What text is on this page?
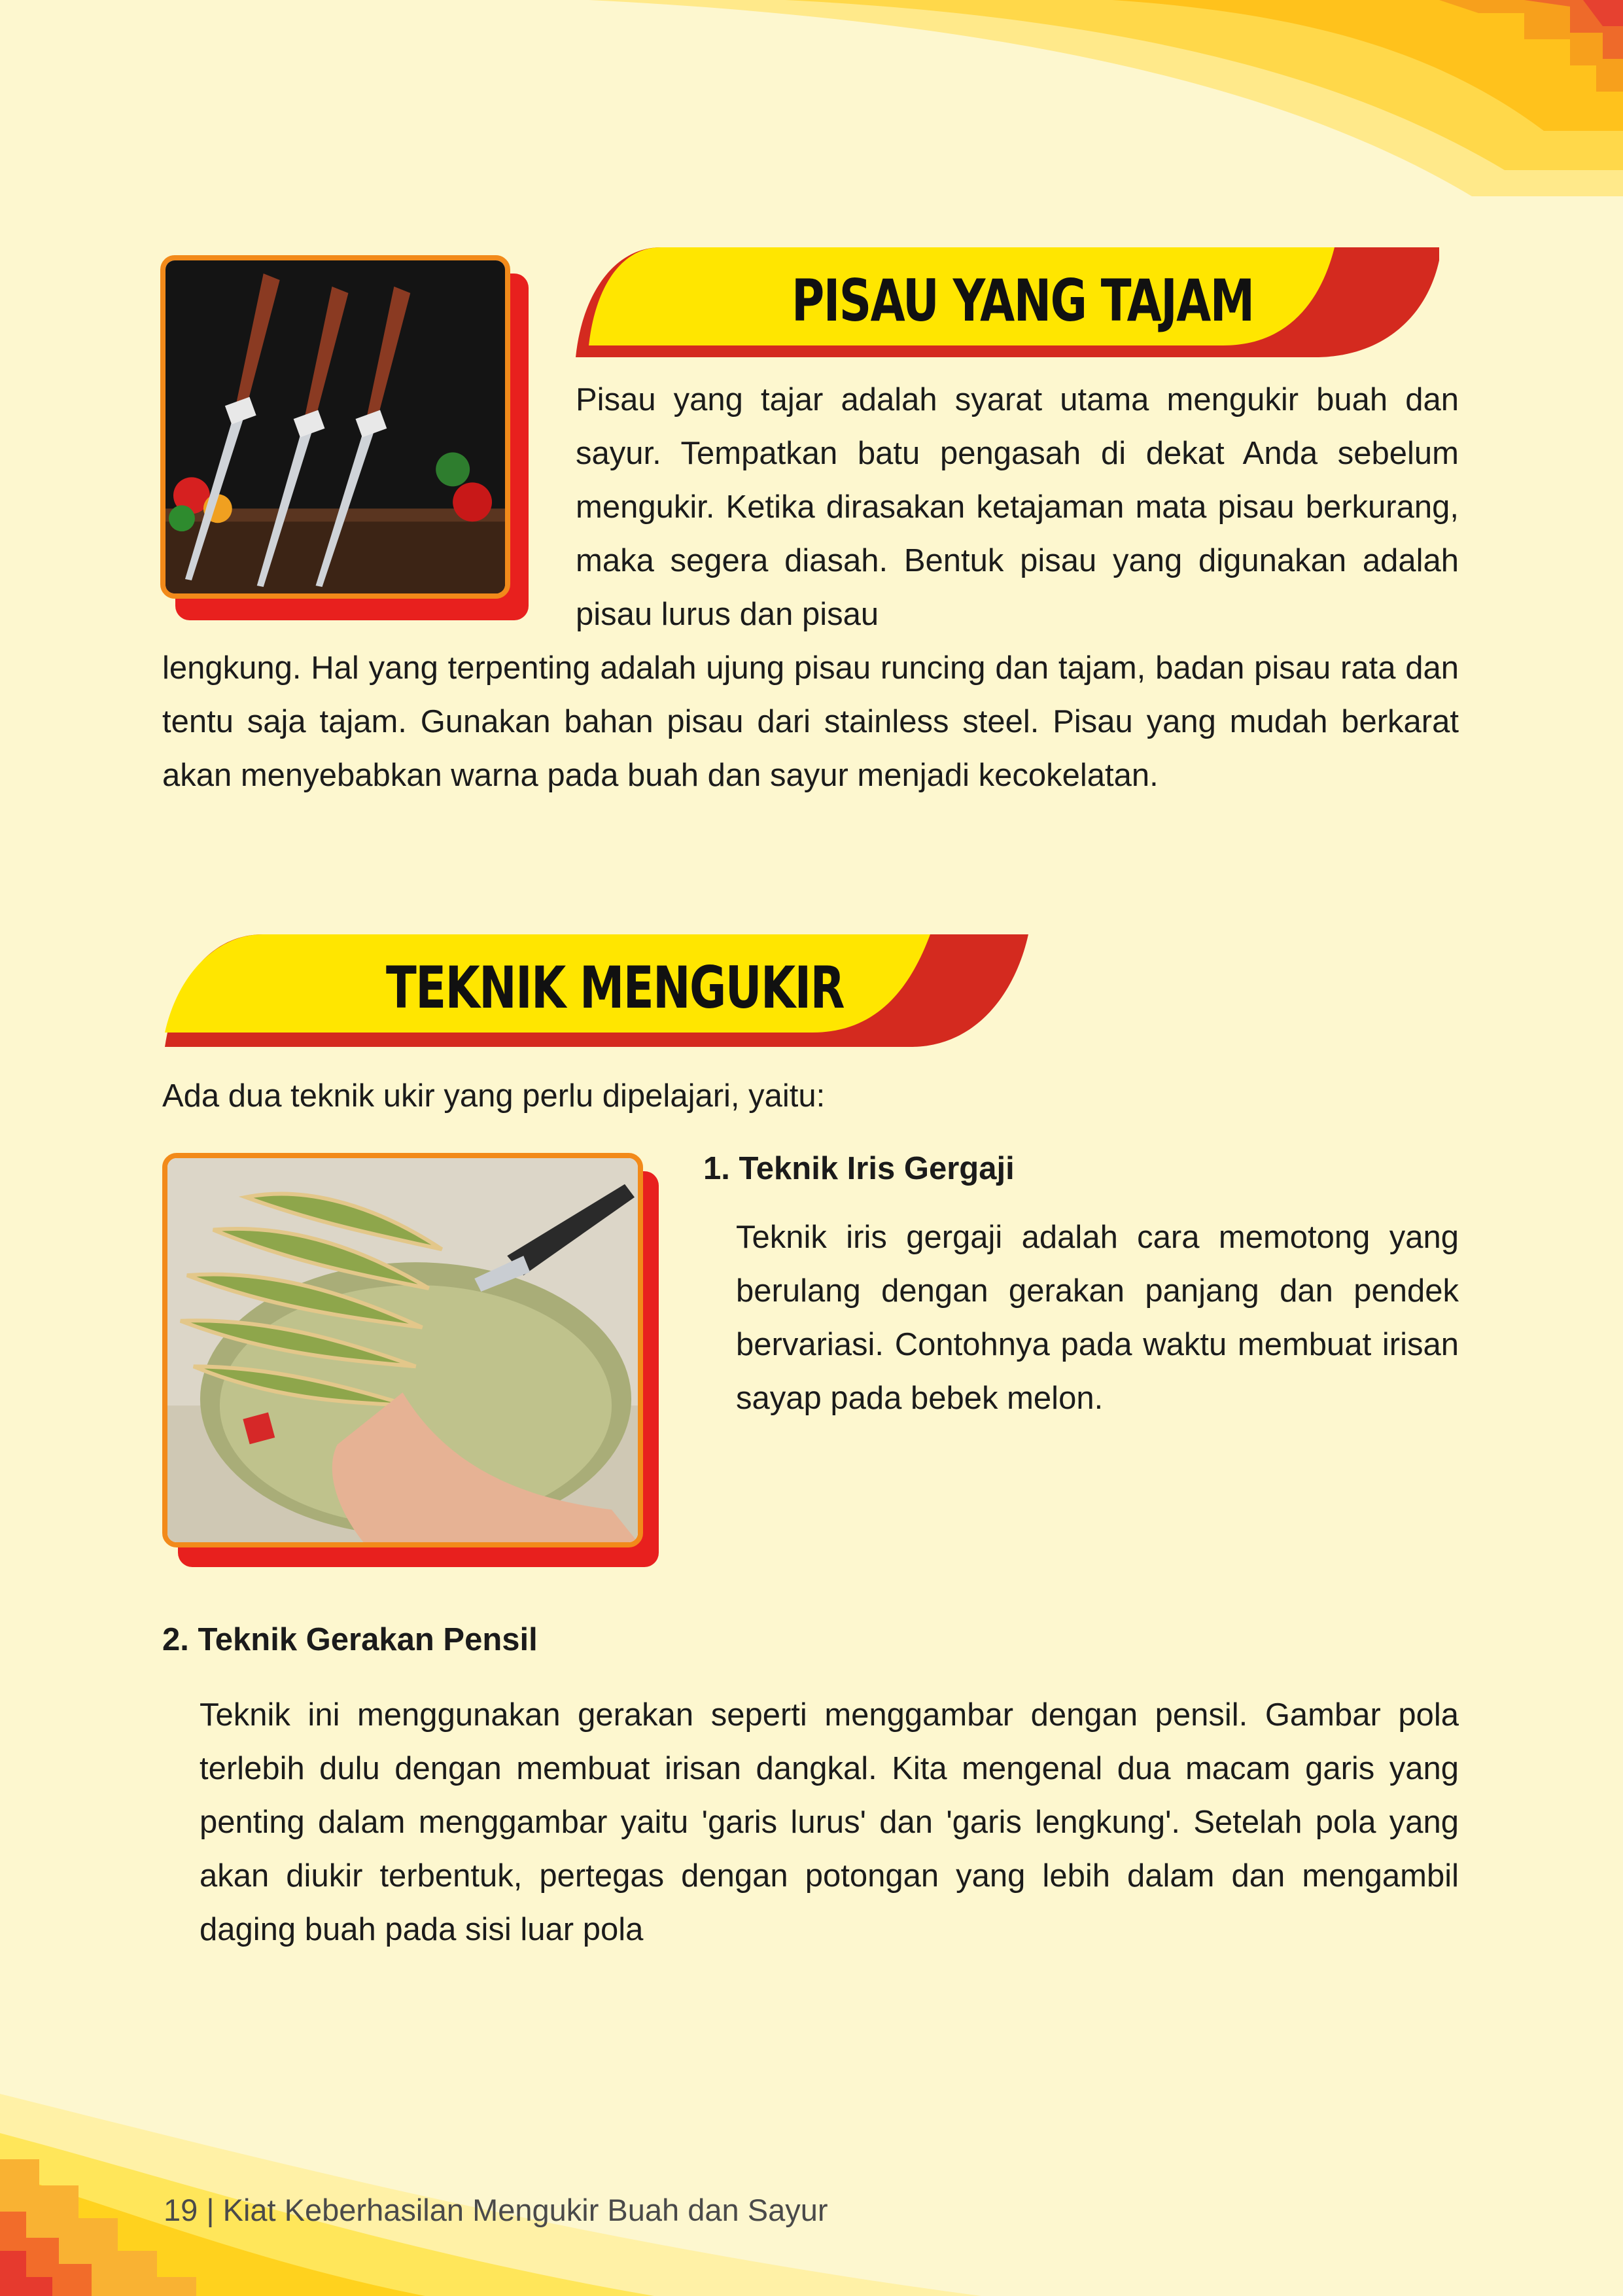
PISAU YANG TAJAM
Pisau yang tajar adalah syarat utama mengukir buah dan sayur. Tempatkan batu pengasah di dekat Anda sebelum mengukir. Ketika dirasakan ketajaman mata pisau berkurang, maka segera diasah. Bentuk pisau yang digunakan adalah pisau lurus dan pisau
lengkung. Hal yang terpenting adalah ujung pisau runcing dan tajam, badan pisau rata dan tentu saja tajam. Gunakan bahan pisau dari stainless steel. Pisau yang mudah berkarat akan menyebabkan warna pada buah dan sayur menjadi kecokelatan.
TEKNIK MENGUKIR
Ada dua teknik ukir yang perlu dipelajari, yaitu:
1. Teknik Iris Gergaji
Teknik iris gergaji adalah cara memotong yang berulang dengan gerakan panjang dan pendek bervariasi. Contohnya pada waktu membuat irisan sayap pada bebek melon.
2. Teknik Gerakan Pensil
Teknik ini menggunakan gerakan seperti menggambar dengan pensil. Gambar pola terlebih dulu dengan membuat irisan dangkal. Kita mengenal dua macam garis yang penting dalam menggambar yaitu 'garis lurus' dan 'garis lengkung'. Setelah pola yang akan diukir terbentuk, pertegas dengan potongan yang lebih dalam dan mengambil daging buah pada sisi luar pola
19 | Kiat Keberhasilan Mengukir Buah dan Sayur
